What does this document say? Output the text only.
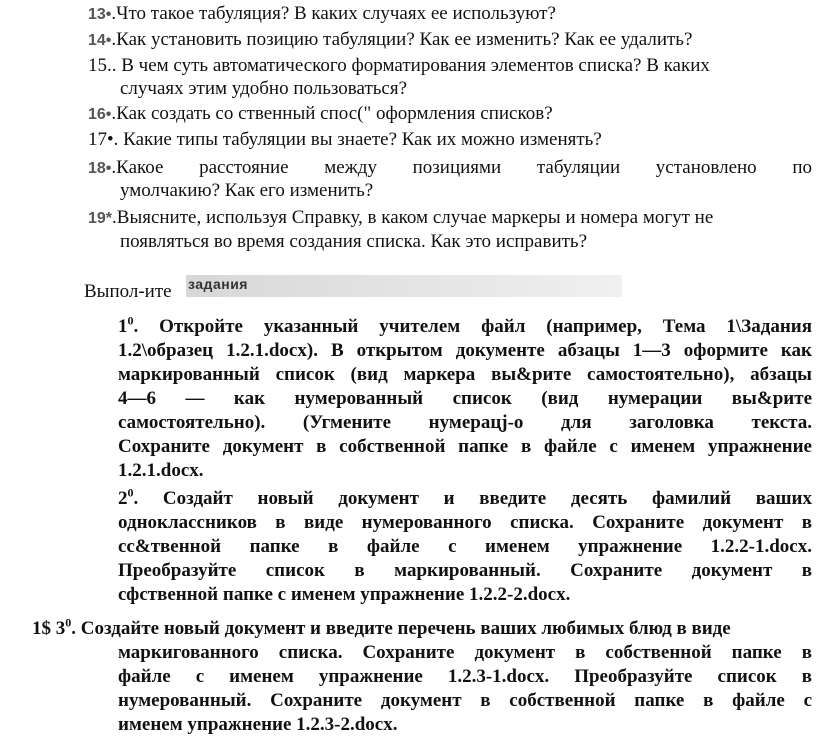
13•.Что такое табуляция? В каких случаях ее используют?
14•.Как установить позицию табуляции? Как ее изменить? Как ее удалить?
15.. В чем суть автоматического форматирования элементов списка? В каких
случаях этим удобно пользоваться?
16•.Как создать со ственный спос(" оформления списков?
17•. Какие типы табуляции вы знаете? Как их можно изменять?
18•.Какое расстояние между позициями табуляции установлено по
умолчакию? Как его изменить?
19*.Выясните, используя Справку, в каком случае маркеры и номера могут не
появляться во время создания списка. Как это исправить?
Выпол-ите задания
$1^0$. Откройте указанный учителем файл (например, Тема 1\Задания
1.2\образец 1.2.1.docx). В открытом документе абзацы 1—3 оформите как
маркированный список (вид маркера вы&рите самостоятельно), абзацы
4—6 — как нумерованный список (вид нумерации вы&рите
самостоятельно). (Угмените нумерацj-о для заголовка текста.
Сохраните документ в собственной папке в файле с именем упражнение
1.2.1.docx.
$2^0$. Создайт новый документ и введите десять фамилий ваших
одноклассников в виде нумерованного списка. Сохраните документ в
сс&твенной папке в файле с именем упражнение 1.2.2-1.docx.
Преобразуйте список в маркированный. Сохраните документ в
сфственной папке с именем упражнение 1.2.2-2.docx.
1$ $3^0$. Создайте новый документ и введите перечень ваших любимых блюд в виде
маркигованного списка. Сохраните документ в собственной папке в
файле с именем упражнение 1.2.3-1.docx. Преобразуйте список в
нумерованный. Сохраните документ в собственной папке в файле с
именем упражнение 1.2.3-2.docx.
